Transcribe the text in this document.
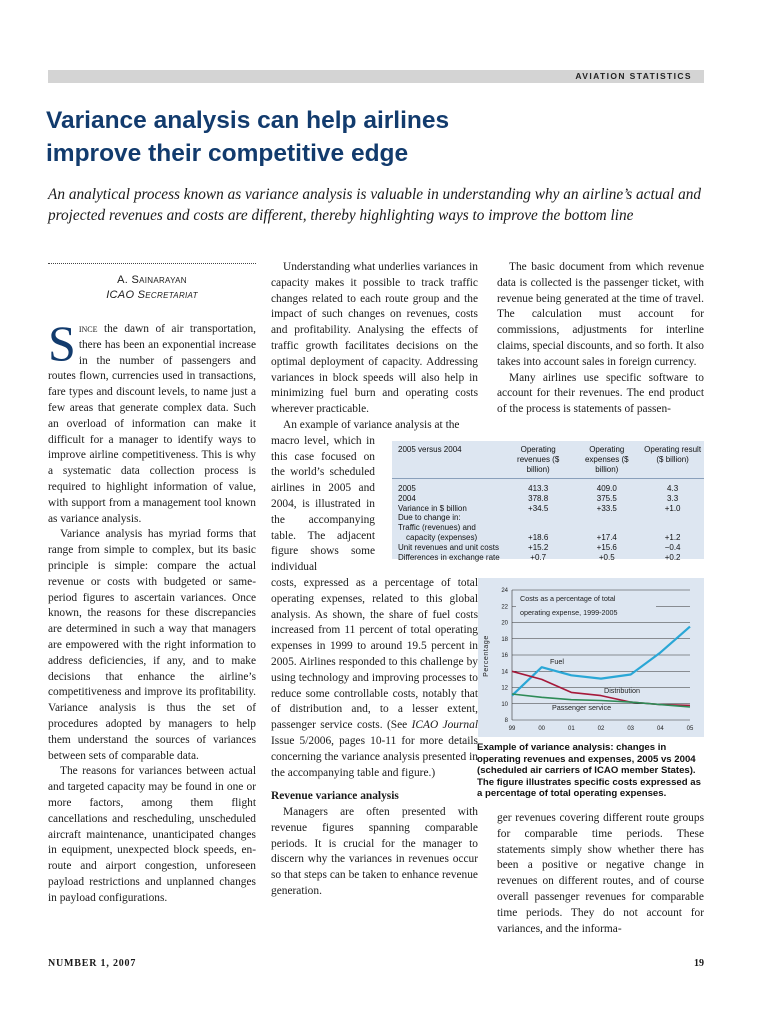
AVIATION STATISTICS
Variance analysis can help airlines
improve their competitive edge

An analytical process known as variance analysis is valuable in understanding why an airline’s actual and projected revenues and costs are different, thereby highlighting ways to improve the bottom line

A. Sainarayan
ICAO Secretariat

Since the dawn of air transportation, there has been an exponential increase in the number of passengers and routes flown, currencies used in transactions, fare types and discount levels, to name just a few areas that generate complex data. Such an overload of information can make it difficult for a manager to identify ways to improve airline competitiveness. This is why a systematic data collection process is required to highlight information of value, with support from a management tool known as variance analysis.

Variance analysis has myriad forms that range from simple to complex, but its basic principle is simple: compare the actual revenue or costs with budgeted or same-period figures to ascertain variances. Once known, the reasons for these discrepancies are determined in such a way that managers are empowered with the right information to address deficiencies, if any, and to make decisions that enhance the airline’s competitiveness and improve its profitability. Variance analysis is thus the set of procedures adopted by managers to help them understand the sources of variances between sets of comparable data.

The reasons for variances between actual and targeted capacity may be found in one or more factors, among them flight cancellations and rescheduling, unscheduled aircraft maintenance, unanticipated changes in equipment, unexpected block speeds, en-route and airport congestion, unforeseen payload restrictions and unplanned changes in payload configurations.

Understanding what underlies variances in capacity makes it possible to track traffic changes related to each route group and the impact of such changes on revenues, costs and profitability. Analysing the effects of traffic growth facilitates decisions on the optimal deployment of capacity. Addressing variances in block speeds will also help in minimizing fuel burn and operating costs wherever practicable.

An example of variance analysis at the

macro level, which in this case focused on the world’s scheduled airlines in 2005 and 2004, is illustrated in the accompanying table. The adjacent figure shows some individual

costs, expressed as a percentage of total operating expenses, related to this global analysis. As shown, the share of fuel costs increased from 11 percent of total operating expenses in 1999 to around 19.5 percent in 2005. Airlines responded to this challenge by using technology and improving processes to reduce some controllable costs, notably that of distribution and, to a lesser extent, passenger service costs. (See ICAO Journal Issue 5/2006, pages 10-11 for more details concerning the variance analysis presented in the accompanying table and figure.)

Revenue variance analysis

Managers are often presented with revenue figures spanning comparable periods. It is crucial for the manager to discern why the variances in revenues occur so that steps can be taken to enhance revenue generation.

The basic document from which revenue data is collected is the passenger ticket, with revenue being generated at the time of travel. The calculation must account for commissions, adjustments for interline claims, special discounts, and so forth. It also takes into account sales in foreign currency.

Many airlines use specific software to account for their revenues. The end product of the process is statements of passen-

ger revenues covering different route groups for comparable time periods. These statements simply show whether there has been a positive or negative change in revenues on different routes, and of course overall passenger revenues for comparable time periods. They do not account for variances, and the informa-

2005 versus 2004	Operating revenues ($ billion)	Operating expenses ($ billion)	Operating result ($ billion)

2005	413.3	409.0	4.3
2004	378.8	375.5	3.3
Variance in $ billion	+34.5	+33.5	+1.0
Due to change in:			
Traffic (revenues) and			
capacity (expenses)	+18.6	+17.4	+1.2
Unit revenues and unit costs	+15.2	+15.6	−0.4
Differences in exchange rate	+0.7	+0.5	+0.2
8
10
12
14
16
18
20
22
24
99	00	01	02	03	04	05
Percentage
Costs as a percentage of total
operating expense, 1999-2005
Fuel
Distribution
Passenger service
Example of variance analysis: changes in operating revenues and expenses, 2005 vs 2004 (scheduled air carriers of ICAO member States). The figure illustrates specific costs expressed as a percentage of total operating expenses.
NUMBER 1, 2007	19
